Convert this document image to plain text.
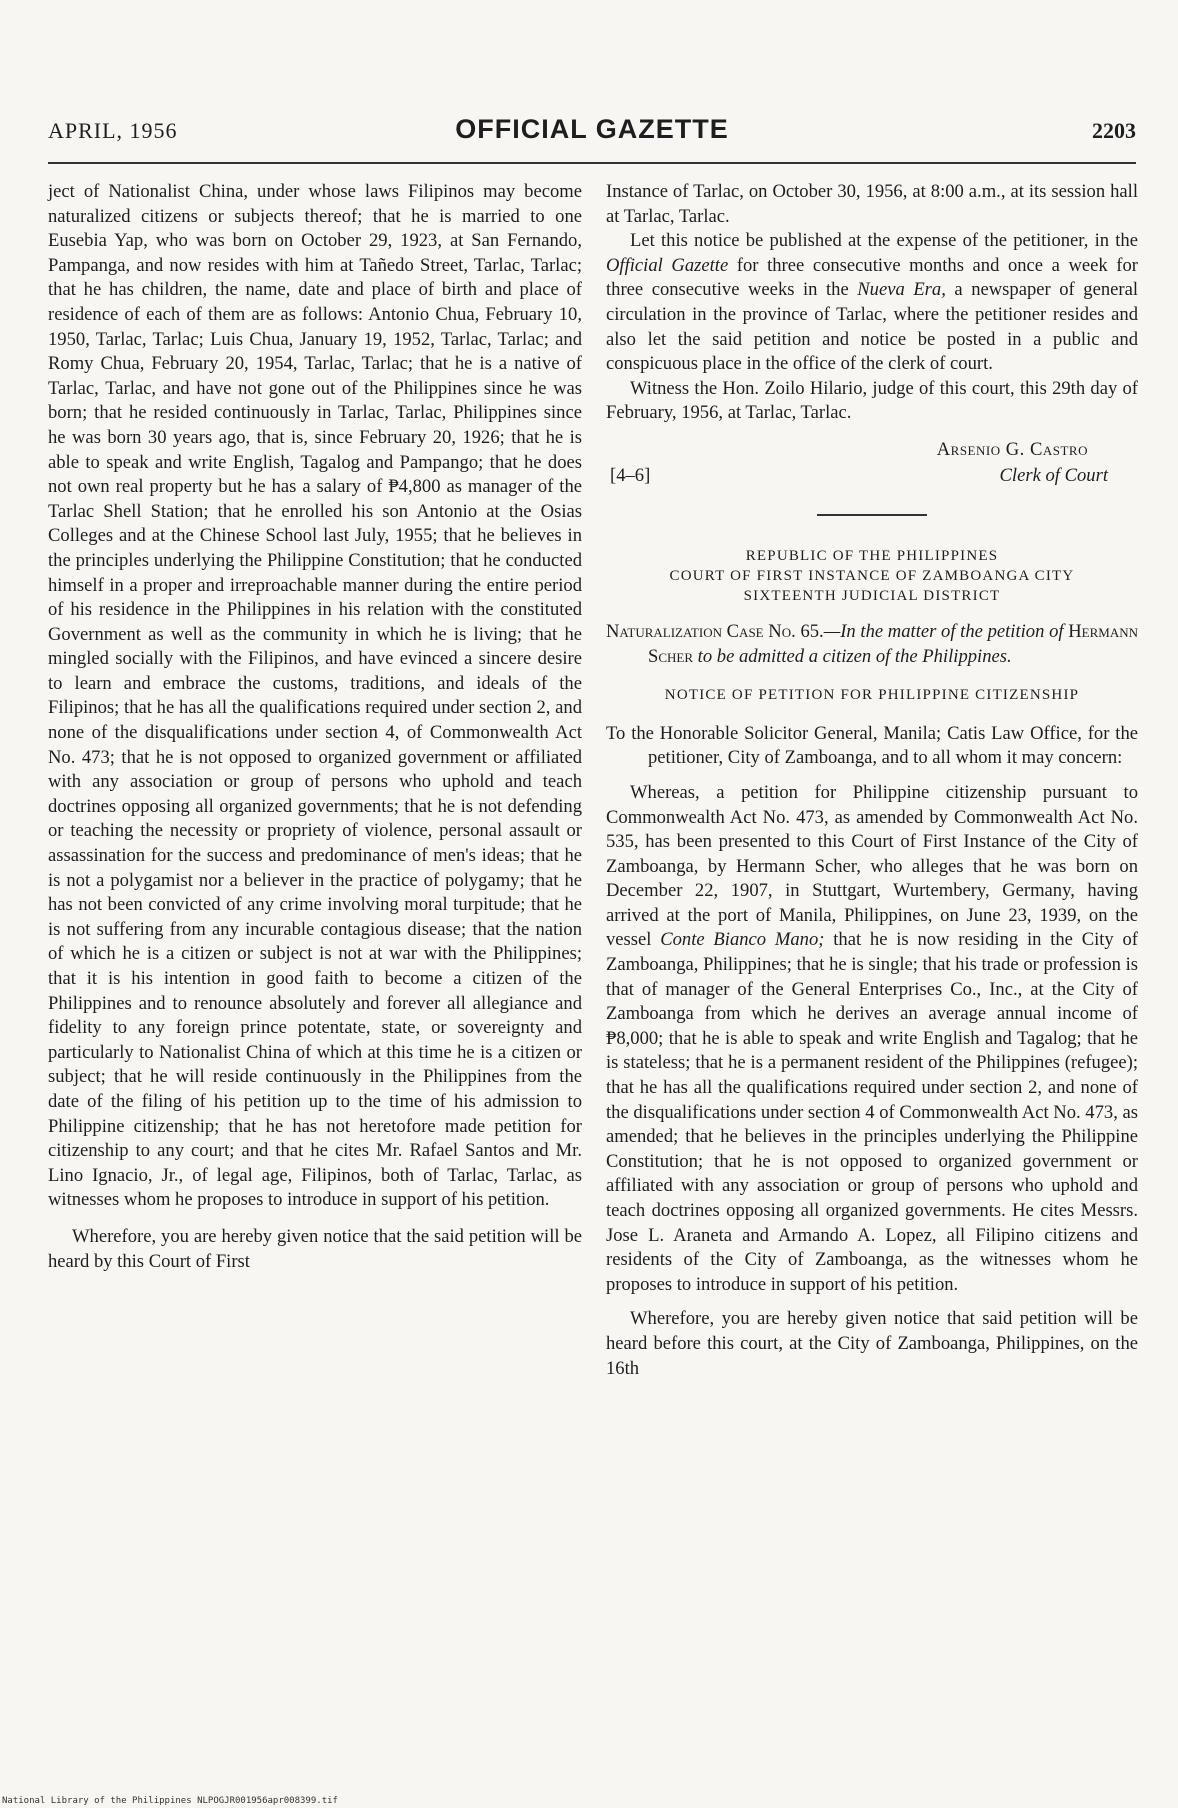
APRIL, 1956	OFFICIAL GAZETTE	2203

ject of Nationalist China, under whose laws Filipinos may become naturalized citizens or subjects thereof; that he is married to one Eusebia Yap, who was born on October 29, 1923, at San Fernando, Pampanga, and now resides with him at Tañedo Street, Tarlac, Tarlac; that he has children, the name, date and place of birth and place of residence of each of them are as follows: Antonio Chua, February 10, 1950, Tarlac, Tarlac; Luis Chua, January 19, 1952, Tarlac, Tarlac; and Romy Chua, February 20, 1954, Tarlac, Tarlac; that he is a native of Tarlac, Tarlac, and have not gone out of the Philippines since he was born; that he resided continuously in Tarlac, Tarlac, Philippines since he was born 30 years ago, that is, since February 20, 1926; that he is able to speak and write English, Tagalog and Pampango; that he does not own real property but he has a salary of ₱4,800 as manager of the Tarlac Shell Station; that he enrolled his son Antonio at the Osias Colleges and at the Chinese School last July, 1955; that he believes in the principles underlying the Philippine Constitution; that he conducted himself in a proper and irreproachable manner during the entire period of his residence in the Philippines in his relation with the constituted Government as well as the community in which he is living; that he mingled socially with the Filipinos, and have evinced a sincere desire to learn and embrace the customs, traditions, and ideals of the Filipinos; that he has all the qualifications required under section 2, and none of the disqualifications under section 4, of Commonwealth Act No. 473; that he is not opposed to organized government or affiliated with any association or group of persons who uphold and teach doctrines opposing all organized governments; that he is not defending or teaching the necessity or propriety of violence, personal assault or assassination for the success and predominance of men's ideas; that he is not a polygamist nor a believer in the practice of polygamy; that he has not been convicted of any crime involving moral turpitude; that he is not suffering from any incurable contagious disease; that the nation of which he is a citizen or subject is not at war with the Philippines; that it is his intention in good faith to become a citizen of the Philippines and to renounce absolutely and forever all allegiance and fidelity to any foreign prince potentate, state, or sovereignty and particularly to Nationalist China of which at this time he is a citizen or subject; that he will reside continuously in the Philippines from the date of the filing of his petition up to the time of his admission to Philippine citizenship; that he has not heretofore made petition for citizenship to any court; and that he cites Mr. Rafael Santos and Mr. Lino Ignacio, Jr., of legal age, Filipinos, both of Tarlac, Tarlac, as witnesses whom he proposes to introduce in support of his petition.

Wherefore, you are hereby given notice that the said petition will be heard by this Court of First

Instance of Tarlac, on October 30, 1956, at 8:00 a.m., at its session hall at Tarlac, Tarlac.

Let this notice be published at the expense of the petitioner, in the Official Gazette for three consecutive months and once a week for three consecutive weeks in the Nueva Era, a newspaper of general circulation in the province of Tarlac, where the petitioner resides and also let the said petition and notice be posted in a public and conspicuous place in the office of the clerk of court.

Witness the Hon. Zoilo Hilario, judge of this court, this 29th day of February, 1956, at Tarlac, Tarlac.

Arsenio G. Castro
[4–6]	Clerk of Court
REPUBLIC OF THE PHILIPPINES
COURT OF FIRST INSTANCE OF ZAMBOANGA CITY
SIXTEENTH JUDICIAL DISTRICT

Naturalization Case No. 65.—In the matter of the petition of Hermann Scher to be admitted a citizen of the Philippines.

NOTICE OF PETITION FOR PHILIPPINE CITIZENSHIP

To the Honorable Solicitor General, Manila; Catis Law Office, for the petitioner, City of Zamboanga, and to all whom it may concern:

Whereas, a petition for Philippine citizenship pursuant to Commonwealth Act No. 473, as amended by Commonwealth Act No. 535, has been presented to this Court of First Instance of the City of Zamboanga, by Hermann Scher, who alleges that he was born on December 22, 1907, in Stuttgart, Wurtembery, Germany, having arrived at the port of Manila, Philippines, on June 23, 1939, on the vessel Conte Bianco Mano; that he is now residing in the City of Zamboanga, Philippines; that he is single; that his trade or profession is that of manager of the General Enterprises Co., Inc., at the City of Zamboanga from which he derives an average annual income of ₱8,000; that he is able to speak and write English and Tagalog; that he is stateless; that he is a permanent resident of the Philippines (refugee); that he has all the qualifications required under section 2, and none of the disqualifications under section 4 of Commonwealth Act No. 473, as amended; that he believes in the principles underlying the Philippine Constitution; that he is not opposed to organized government or affiliated with any association or group of persons who uphold and teach doctrines opposing all organized governments. He cites Messrs. Jose L. Araneta and Armando A. Lopez, all Filipino citizens and residents of the City of Zamboanga, as the witnesses whom he proposes to introduce in support of his petition.

Wherefore, you are hereby given notice that said petition will be heard before this court, at the City of Zamboanga, Philippines, on the 16th

National Library of the Philippines NLPOGJR001956apr008399.tif
